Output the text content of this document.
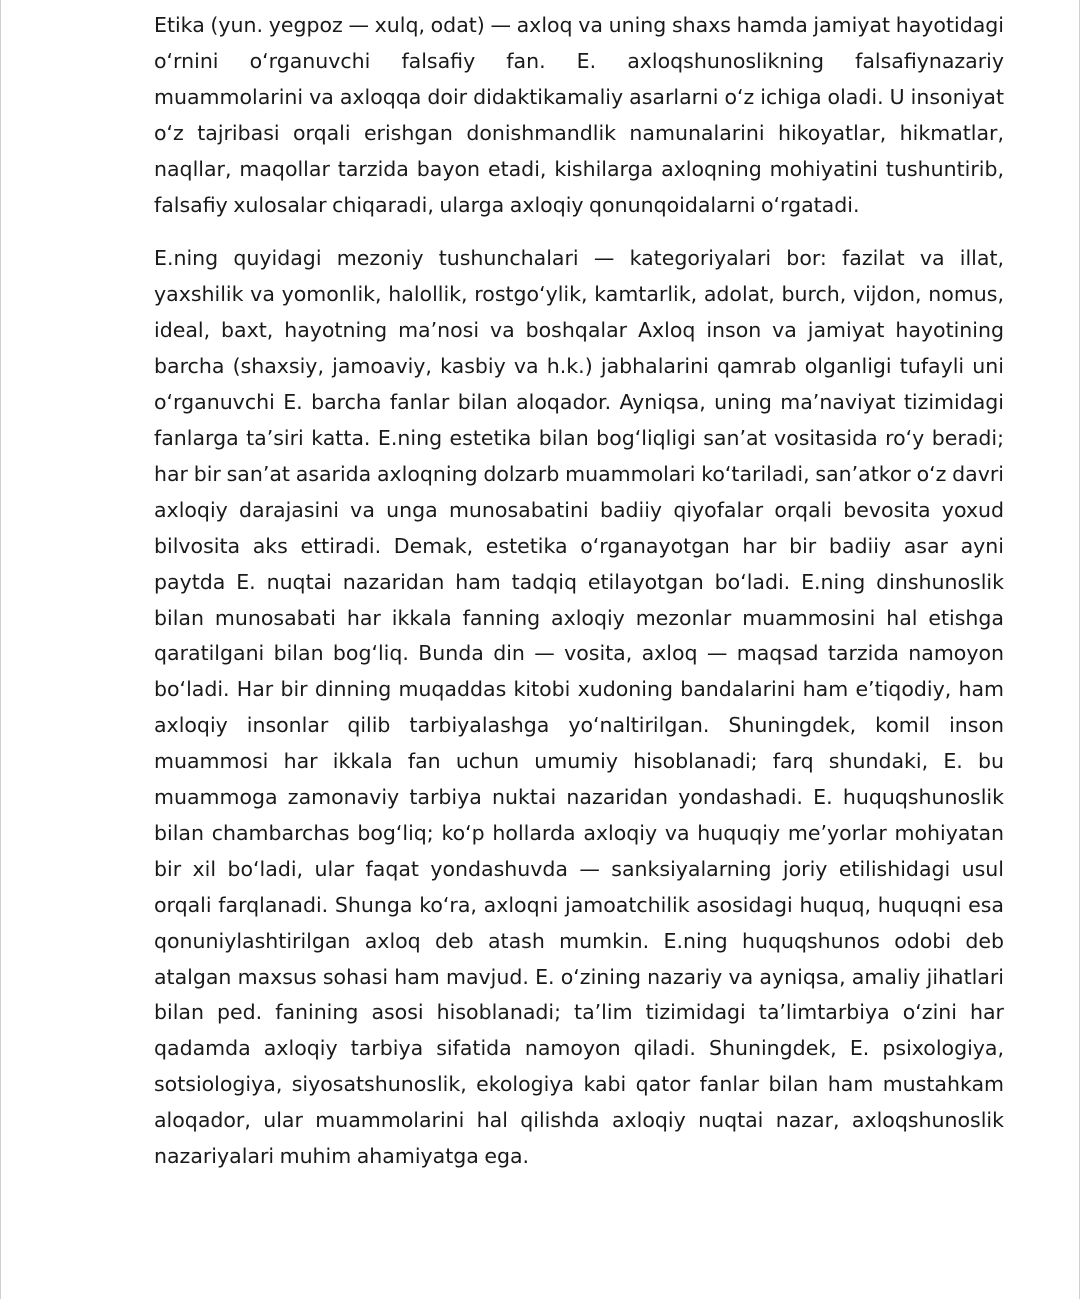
Etika (yun. yegpoz — xulq, odat) — axloq va uning shaxs hamda jamiyat hayotidagi o‘rnini o‘rganuvchi falsafiy fan. E. axloqshunoslikning falsafiynazariy muammolarini va axloqqa doir didaktikamaliy asarlarni o‘z ichiga oladi. U insoniyat o‘z tajribasi orqali erishgan donishmandlik namunalarini hikoyatlar, hikmatlar, naqllar, maqollar tarzida bayon etadi, kishilarga axloqning mohiyatini tushuntirib, falsafiy xulosalar chiqaradi, ularga axloqiy qonunqoidalarni o‘rgatadi.

E.ning quyidagi mezoniy tushunchalari — kategoriyalari bor: fazilat va illat, yaxshilik va yomonlik, halollik, rostgo‘ylik, kamtarlik, adolat, burch, vijdon, nomus, ideal, baxt, hayotning ma’nosi va boshqalar Axloq inson va jamiyat hayotining barcha (shaxsiy, jamoaviy, kasbiy va h.k.) jabhalarini qamrab olganligi tufayli uni o‘rganuvchi E. barcha fanlar bilan aloqador. Ayniqsa, uning ma’naviyat tizimidagi fanlarga ta’siri katta. E.ning estetika bilan bog‘liqligi san’at vositasida ro‘y beradi; har bir san’at asarida axloqning dolzarb muammolari ko‘tariladi, san’atkor o‘z davri axloqiy darajasini va unga munosabatini badiiy qiyofalar orqali bevosita yoxud bilvosita aks ettiradi. Demak, estetika o‘rganayotgan har bir badiiy asar ayni paytda E. nuqtai nazaridan ham tadqiq etilayotgan bo‘ladi. E.ning dinshunoslik bilan munosabati har ikkala fanning axloqiy mezonlar muammosini hal etishga qaratilgani bilan bog‘liq. Bunda din — vosita, axloq — maqsad tarzida namoyon bo‘ladi. Har bir dinning muqaddas kitobi xudoning bandalarini ham e’tiqodiy, ham axloqiy insonlar qilib tarbiyalashga yo‘naltirilgan. Shuningdek, komil inson muammosi har ikkala fan uchun umumiy hisoblanadi; farq shundaki, E. bu muammoga zamonaviy tarbiya nuktai nazaridan yondashadi. E. huquqshunoslik bilan chambarchas bog‘liq; ko‘p hollarda axloqiy va huquqiy me’yorlar mohiyatan bir xil bo‘ladi, ular faqat yondashuvda — sanksiyalarning joriy etilishidagi usul orqali farqlanadi. Shunga ko‘ra, axloqni jamoatchilik asosidagi huquq, huquqni esa qonuniylashtirilgan axloq deb atash mumkin. E.ning huquqshunos odobi deb atalgan maxsus sohasi ham mavjud. E. o‘zining nazariy va ayniqsa, amaliy jihatlari bilan ped. fanining asosi hisoblanadi; ta’lim tizimidagi ta’limtarbiya o‘zini har qadamda axloqiy tarbiya sifatida namoyon qiladi. Shuningdek, E. psixologiya, sotsiologiya, siyosatshunoslik, ekologiya kabi qator fanlar bilan ham mustahkam aloqador, ular muammolarini hal qilishda axloqiy nuqtai nazar, axloqshunoslik nazariyalari muhim ahamiyatga ega.
